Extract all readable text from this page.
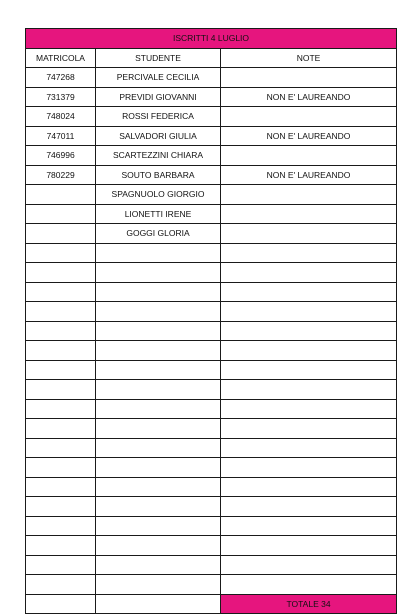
ISCRITTI 4 LUGLIO		
MATRICOLA	STUDENTE	NOTE
747268	PERCIVALE CECILIA	
731379	PREVIDI GIOVANNI	NON E' LAUREANDO
748024	ROSSI FEDERICA	
747011	SALVADORI GIULIA	NON E' LAUREANDO
746996	SCARTEZZINI CHIARA	
780229	SOUTO BARBARA	NON E' LAUREANDO
	SPAGNUOLO GIORGIO	
	LIONETTI IRENE	
	GOGGI GLORIA	

		TOTALE 34
